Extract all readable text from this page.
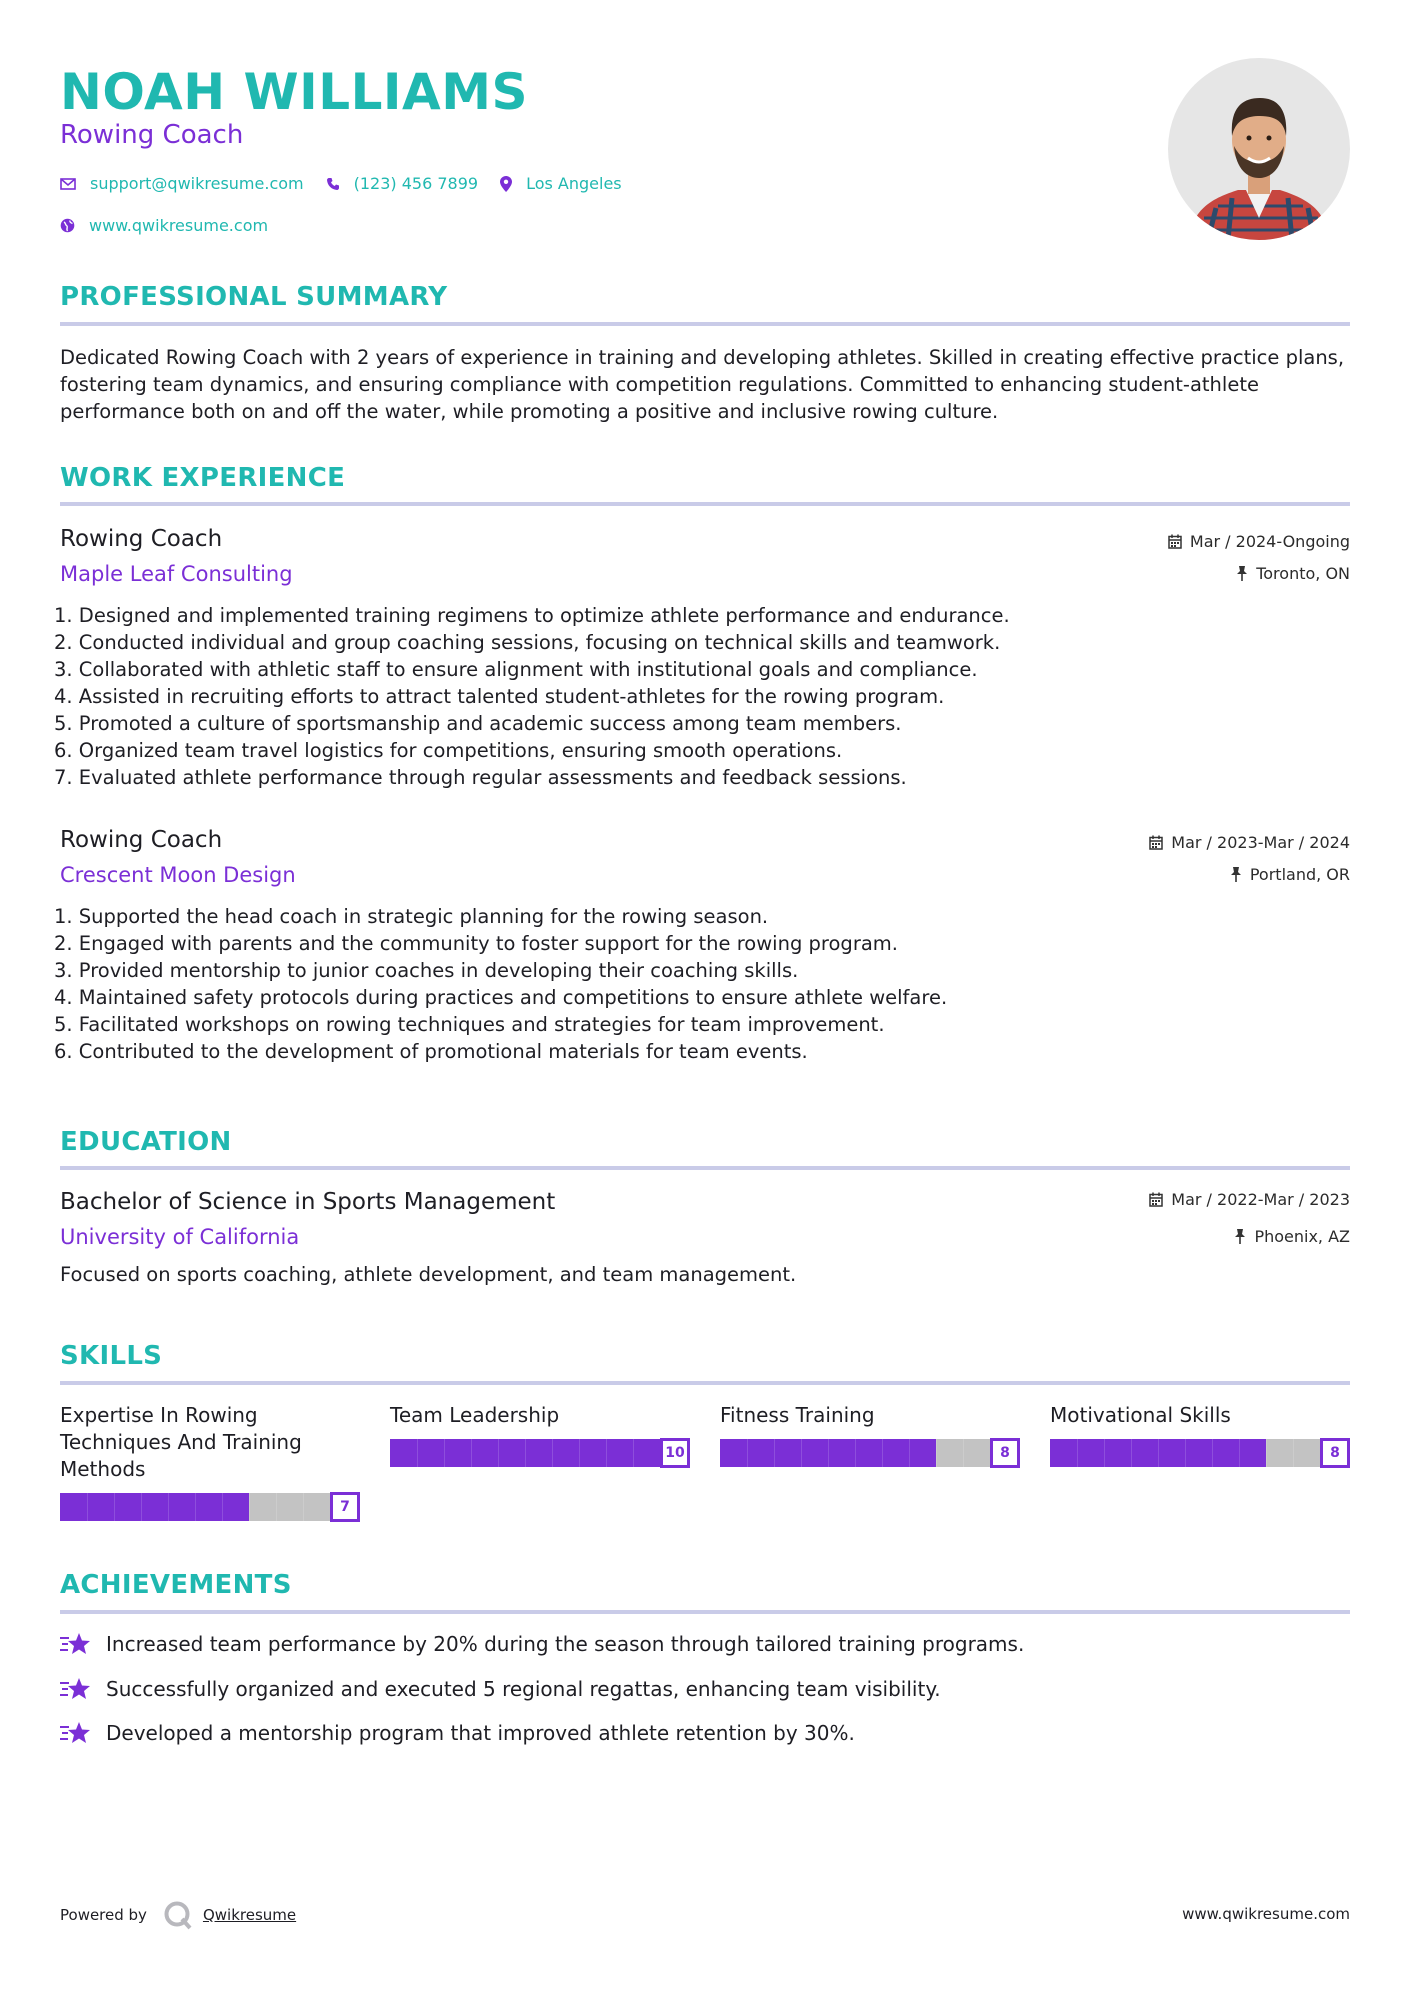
NOAH WILLIAMS
Rowing Coach
support@qwikresume.com	(123) 456 7899	Los Angeles
www.qwikresume.com
PROFESSIONAL SUMMARY
Dedicated Rowing Coach with 2 years of experience in training and developing athletes. Skilled in creating effective practice plans, fostering team dynamics, and ensuring compliance with competition regulations. Committed to enhancing student-athlete performance both on and off the water, while promoting a positive and inclusive rowing culture.
WORK EXPERIENCE
Rowing Coach
Maple Leaf Consulting
Mar / 2024-Ongoing
Toronto, ON
1. Designed and implemented training regimens to optimize athlete performance and endurance.
2. Conducted individual and group coaching sessions, focusing on technical skills and teamwork.
3. Collaborated with athletic staff to ensure alignment with institutional goals and compliance.
4. Assisted in recruiting efforts to attract talented student-athletes for the rowing program.
5. Promoted a culture of sportsmanship and academic success among team members.
6. Organized team travel logistics for competitions, ensuring smooth operations.
7. Evaluated athlete performance through regular assessments and feedback sessions.
Rowing Coach
Crescent Moon Design
Mar / 2023-Mar / 2024
Portland, OR
1. Supported the head coach in strategic planning for the rowing season.
2. Engaged with parents and the community to foster support for the rowing program.
3. Provided mentorship to junior coaches in developing their coaching skills.
4. Maintained safety protocols during practices and competitions to ensure athlete welfare.
5. Facilitated workshops on rowing techniques and strategies for team improvement.
6. Contributed to the development of promotional materials for team events.
EDUCATION
Bachelor of Science in Sports Management
University of California
Mar / 2022-Mar / 2023
Phoenix, AZ
Focused on sports coaching, athlete development, and team management.
SKILLS
Expertise In Rowing Techniques And Training Methods
7
Team Leadership
10
Fitness Training
8
Motivational Skills
8
ACHIEVEMENTS
Increased team performance by 20% during the season through tailored training programs.
Successfully organized and executed 5 regional regattas, enhancing team visibility.
Developed a mentorship program that improved athlete retention by 30%.
Powered by	Qwikresume	www.qwikresume.com
